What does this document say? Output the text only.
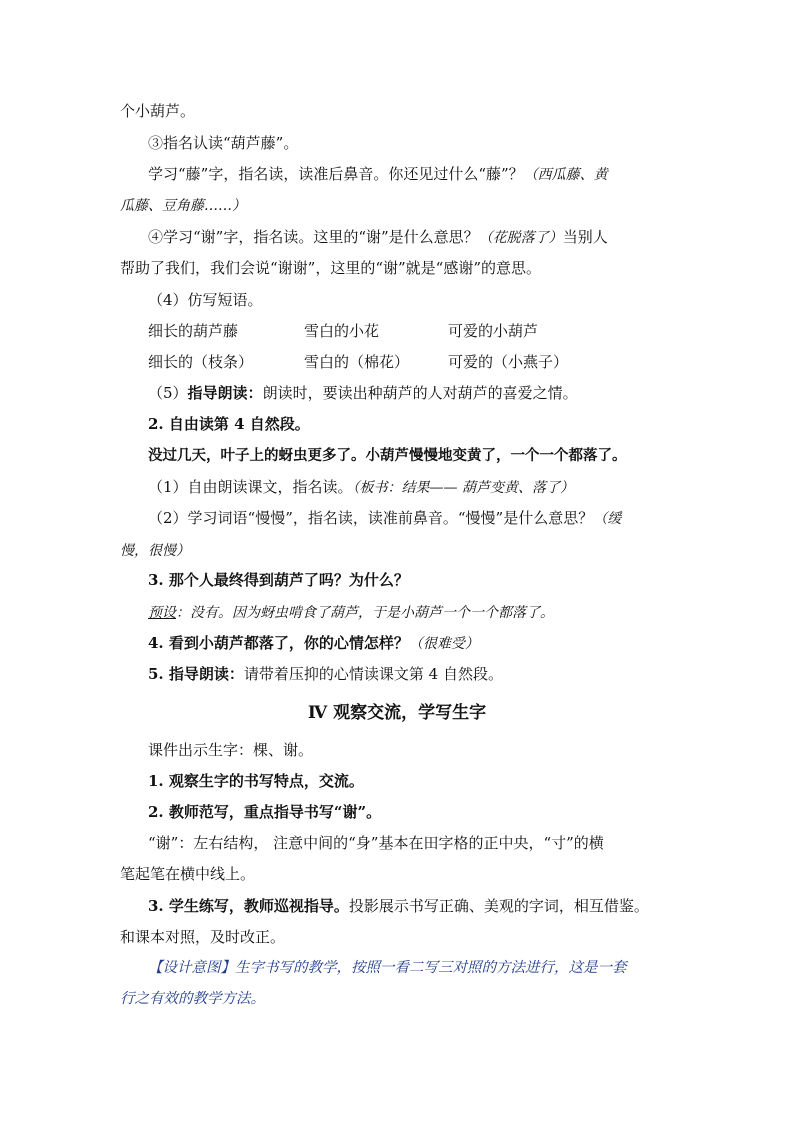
个小葫芦。
③指名认读“葫芦藤”。
学习“藤”字，指名读，读准后鼻音。你还见过什么“藤”？（西瓜藤、黄
瓜藤、豆角藤……）
④学习“谢”字，指名读。这里的“谢”是什么意思？（花脱落了）当别人
帮助了我们，我们会说“谢谢”，这里的“谢”就是“感谢”的意思。
（4）仿写短语。
细长的葫芦藤	雪白的小花	可爱的小葫芦
细长的（枝条）	雪白的（棉花）	可爱的（小燕子）
（5）指导朗读：朗读时，要读出种葫芦的人对葫芦的喜爱之情。
2. 自由读第 4 自然段。
没过几天，叶子上的蚜虫更多了。小葫芦慢慢地变黄了，一个一个都落了。
（1）自由朗读课文，指名读。（板书：结果—— 葫芦变黄、落了）
（2）学习词语“慢慢”，指名读，读准前鼻音。“慢慢”是什么意思？（缓
慢，很慢）
3. 那个人最终得到葫芦了吗？为什么？
预设：没有。因为蚜虫啃食了葫芦，于是小葫芦一个一个都落了。
4. 看到小葫芦都落了，你的心情怎样？（很难受）
5. 指导朗读：请带着压抑的心情读课文第 4 自然段。
Ⅳ 观察交流，学写生字
课件出示生字：棵、谢。
1. 观察生字的书写特点，交流。
2. 教师范写，重点指导书写“谢”。
“谢”：左右结构， 注意中间的“身”基本在田字格的正中央，“寸”的横
笔起笔在横中线上。
3. 学生练写，教师巡视指导。投影展示书写正确、美观的字词，相互借鉴。
和课本对照，及时改正。
【设计意图】生字书写的教学，按照一看二写三对照的方法进行，这是一套
行之有效的教学方法。
